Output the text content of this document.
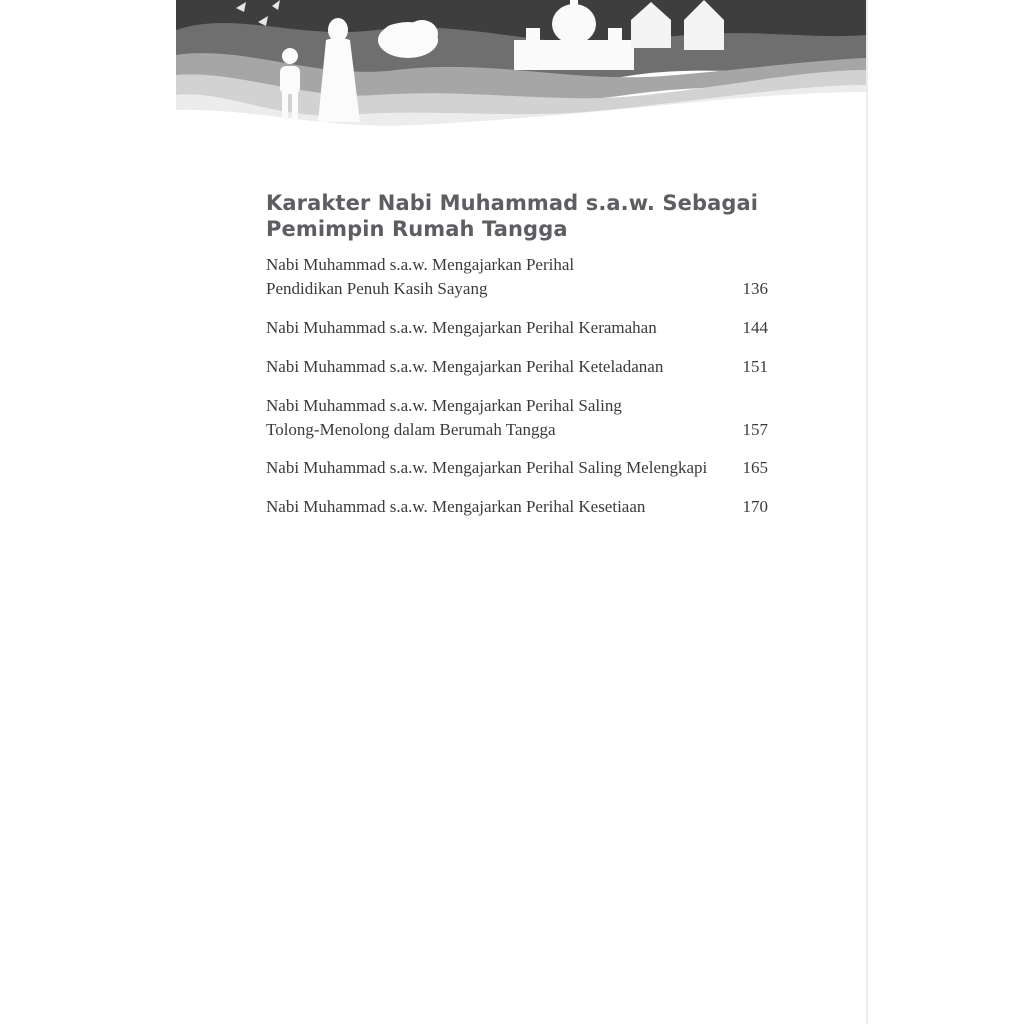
Karakter Nabi Muhammad s.a.w. Sebagai
Pemimpin Rumah Tangga
Nabi Muhammad s.a.w. Mengajarkan Perihal
Pendidikan Penuh Kasih Sayang	136
Nabi Muhammad s.a.w. Mengajarkan Perihal Keramahan	144
Nabi Muhammad s.a.w. Mengajarkan Perihal Keteladanan	151
Nabi Muhammad s.a.w. Mengajarkan Perihal Saling
Tolong-Menolong dalam Berumah Tangga	157
Nabi Muhammad s.a.w. Mengajarkan Perihal Saling Melengkapi	165
Nabi Muhammad s.a.w. Mengajarkan Perihal Kesetiaan	170
